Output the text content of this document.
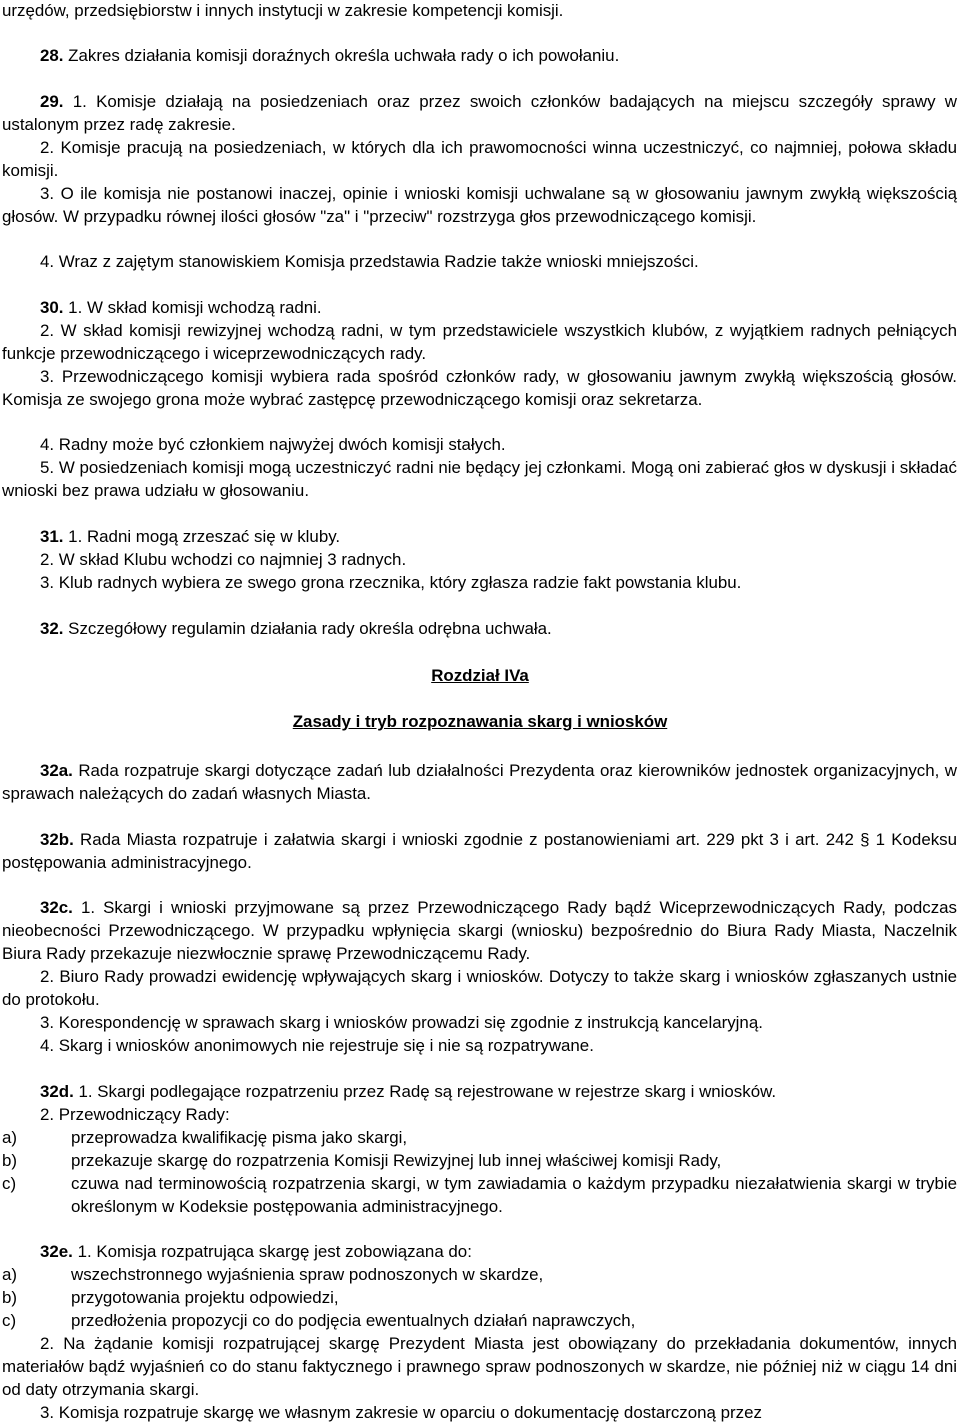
urzędów, przedsiębiorstw i innych instytucji w zakresie kompetencji komisji.

28. Zakres działania komisji doraźnych określa uchwała rady o ich powołaniu.

29. 1. Komisje działają na posiedzeniach oraz przez swoich członków badających na miejscu szczegóły sprawy w ustalonym przez radę zakresie.

2. Komisje pracują na posiedzeniach, w których dla ich prawomocności winna uczestniczyć, co najmniej, połowa składu komisji.

3. O ile komisja nie postanowi inaczej, opinie i wnioski komisji uchwalane są w głosowaniu jawnym zwykłą większością głosów. W przypadku równej ilości głosów "za" i "przeciw" rozstrzyga głos przewodniczącego komisji.

4. Wraz z zajętym stanowiskiem Komisja przedstawia Radzie także wnioski mniejszości.

30. 1. W skład komisji wchodzą radni.

2. W skład komisji rewizyjnej wchodzą radni, w tym przedstawiciele wszystkich klubów, z wyjątkiem radnych pełniących funkcje przewodniczącego i wiceprzewodniczących rady.

3. Przewodniczącego komisji wybiera rada spośród członków rady, w głosowaniu jawnym zwykłą większością głosów. Komisja ze swojego grona może wybrać zastępcę przewodniczącego komisji oraz sekretarza.

4. Radny może być członkiem najwyżej dwóch komisji stałych.

5. W posiedzeniach komisji mogą uczestniczyć radni nie będący jej członkami. Mogą oni zabierać głos w dyskusji i składać wnioski bez prawa udziału w głosowaniu.

31. 1. Radni mogą zrzeszać się w kluby.

2. W skład Klubu wchodzi co najmniej 3 radnych.

3. Klub radnych wybiera ze swego grona rzecznika, który zgłasza radzie fakt powstania klubu.

32. Szczegółowy regulamin działania rady określa odrębna uchwała.

Rozdział IVa

Zasady i tryb rozpoznawania skarg i wniosków

32a. Rada rozpatruje skargi dotyczące zadań lub działalności Prezydenta oraz kierowników jednostek organizacyjnych, w sprawach należących do zadań własnych Miasta.

32b. Rada Miasta rozpatruje i załatwia skargi i wnioski zgodnie z postanowieniami art. 229 pkt 3 i art. 242 § 1 Kodeksu postępowania administracyjnego.

32c. 1. Skargi i wnioski przyjmowane są przez Przewodniczącego Rady bądź Wiceprzewodniczących Rady, podczas nieobecności Przewodniczącego. W przypadku wpłynięcia skargi (wniosku) bezpośrednio do Biura Rady Miasta, Naczelnik Biura Rady przekazuje niezwłocznie sprawę Przewodniczącemu Rady.

2. Biuro Rady prowadzi ewidencję wpływających skarg i wniosków. Dotyczy to także skarg i wniosków zgłaszanych ustnie do protokołu.

3. Korespondencję w sprawach skarg i wniosków prowadzi się zgodnie z instrukcją kancelaryjną.

4. Skarg i wniosków anonimowych nie rejestruje się i nie są rozpatrywane.

32d. 1. Skargi podlegające rozpatrzeniu przez Radę są rejestrowane w rejestrze skarg i wniosków.

2. Przewodniczący Rady:

a)	przeprowadza kwalifikację pisma jako skargi,

b)	przekazuje skargę do rozpatrzenia Komisji Rewizyjnej lub innej właściwej komisji Rady,

c)	czuwa nad terminowością rozpatrzenia skargi, w tym zawiadamia o każdym przypadku niezałatwienia skargi w trybie określonym w Kodeksie postępowania administracyjnego.

32e. 1. Komisja rozpatrująca skargę jest zobowiązana do:

a)	wszechstronnego wyjaśnienia spraw podnoszonych w skardze,

b)	przygotowania projektu odpowiedzi,

c)	przedłożenia propozycji co do podjęcia ewentualnych działań naprawczych,

2. Na żądanie komisji rozpatrującej skargę Prezydent Miasta jest obowiązany do przekładania dokumentów, innych materiałów bądź wyjaśnień co do stanu faktycznego i prawnego spraw podnoszonych w skardze, nie później niż w ciągu 14 dni od daty otrzymania skargi.

3. Komisja rozpatruje skargę we własnym zakresie w oparciu o dokumentację dostarczoną przez
